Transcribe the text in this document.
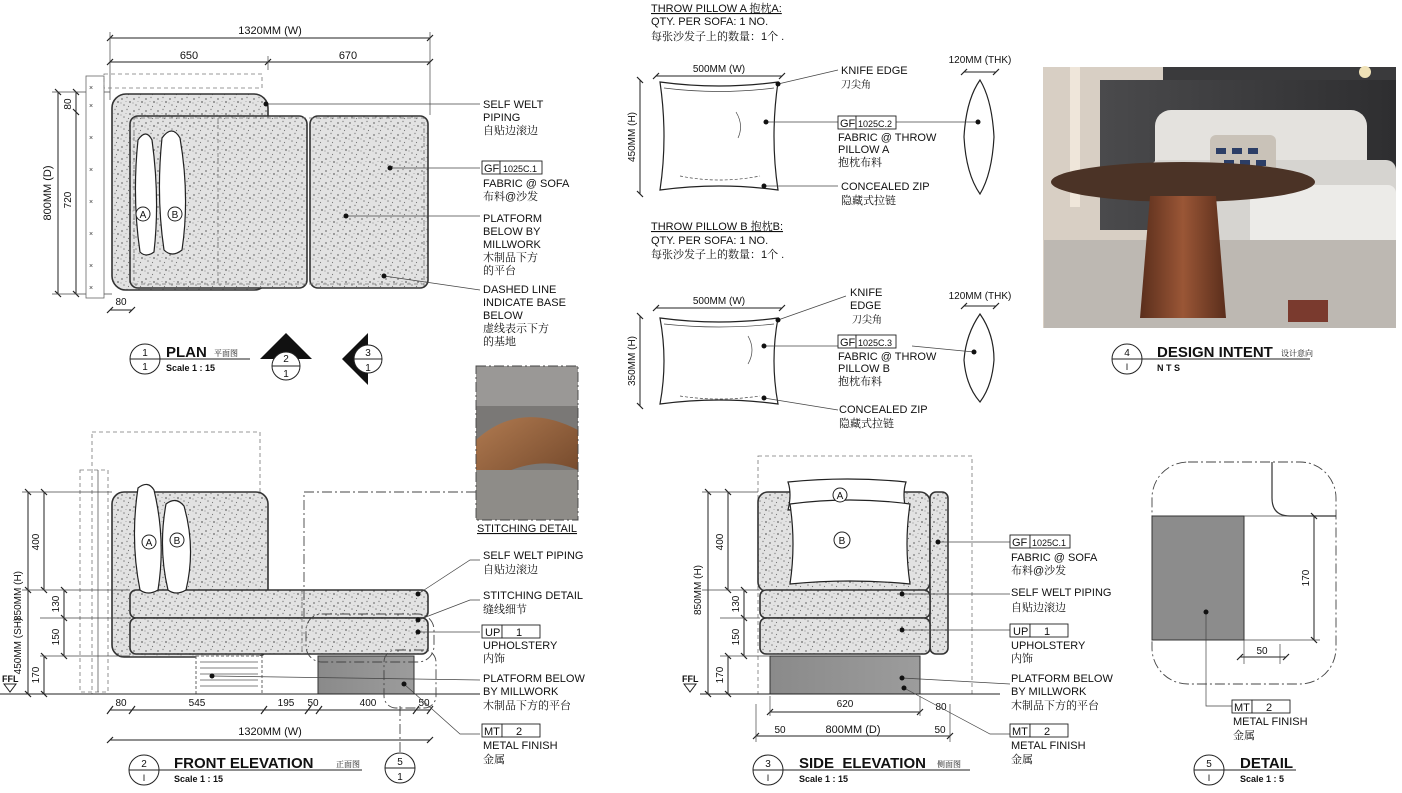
1320MM (W)
650	670
800MM (D)
80
720
×
×
×
×
×
×
×
×
A	B
80
SELF WELT
PIPING
自贴边滚边
GF 1025C.1
FABRIC @ SOFA
布料@沙发
PLATFORM
BELOW BY
MILLWORK
木制品下方
的平台
DASHED LINE
INDICATE BASE
BELOW
虚线表示下方
的基地
1
1
PLAN 平面图
Scale 1 : 15
2
1
3
1
THROW PILLOW A 抱枕A:
QTY. PER SOFA: 1 NO.
每张沙发子上的数量：1个 .
500MM (W)
450MM (H)
120MM (THK)
KNIFE EDGE
刀尖角
GF 1025C.2
FABRIC @ THROW
PILLOW A
抱枕布料
CONCEALED ZIP
隐藏式拉链
THROW PILLOW B 抱枕B:
QTY. PER SOFA: 1 NO.
每张沙发子上的数量：1个 .
500MM (W)
350MM (H)
120MM (THK)
KNIFE
EDGE
刀尖角
GF 1025C.3
FABRIC @ THROW
PILLOW B
抱枕布料
CONCEALED ZIP
隐藏式拉链
4
I
DESIGN INTENT 设计意向
N T S
STITCHING DETAIL
A B
850MM (H)
400
130
150
170
450MM (SH)
FFL
80	545	195 50	400	50
1320MM (W)
SELF WELT PIPING
自贴边滚边
STITCHING DETAIL
缝线细节
UP 1
UPHOLSTERY
内饰
PLATFORM BELOW
BY MILLWORK
木制品下方的平台
MT 2
METAL FINISH
金属
5
1
2
I
FRONT ELEVATION	正面图
Scale 1 : 15
A
B
850MM (H)
400
130
150
170
FFL
620
800MM (D)
50	50
80
GF 1025C.1
FABRIC @ SOFA
布料@沙发
SELF WELT PIPING
自贴边滚边
UP 1
UPHOLSTERY
内饰
PLATFORM BELOW
BY MILLWORK
木制品下方的平台
MT 2
METAL FINISH
金属
3
I
SIDE  ELEVATION 侧面图
Scale 1 : 15
170
50
MT 2
METAL FINISH
金属
5
I
DETAIL
Scale 1 : 5
